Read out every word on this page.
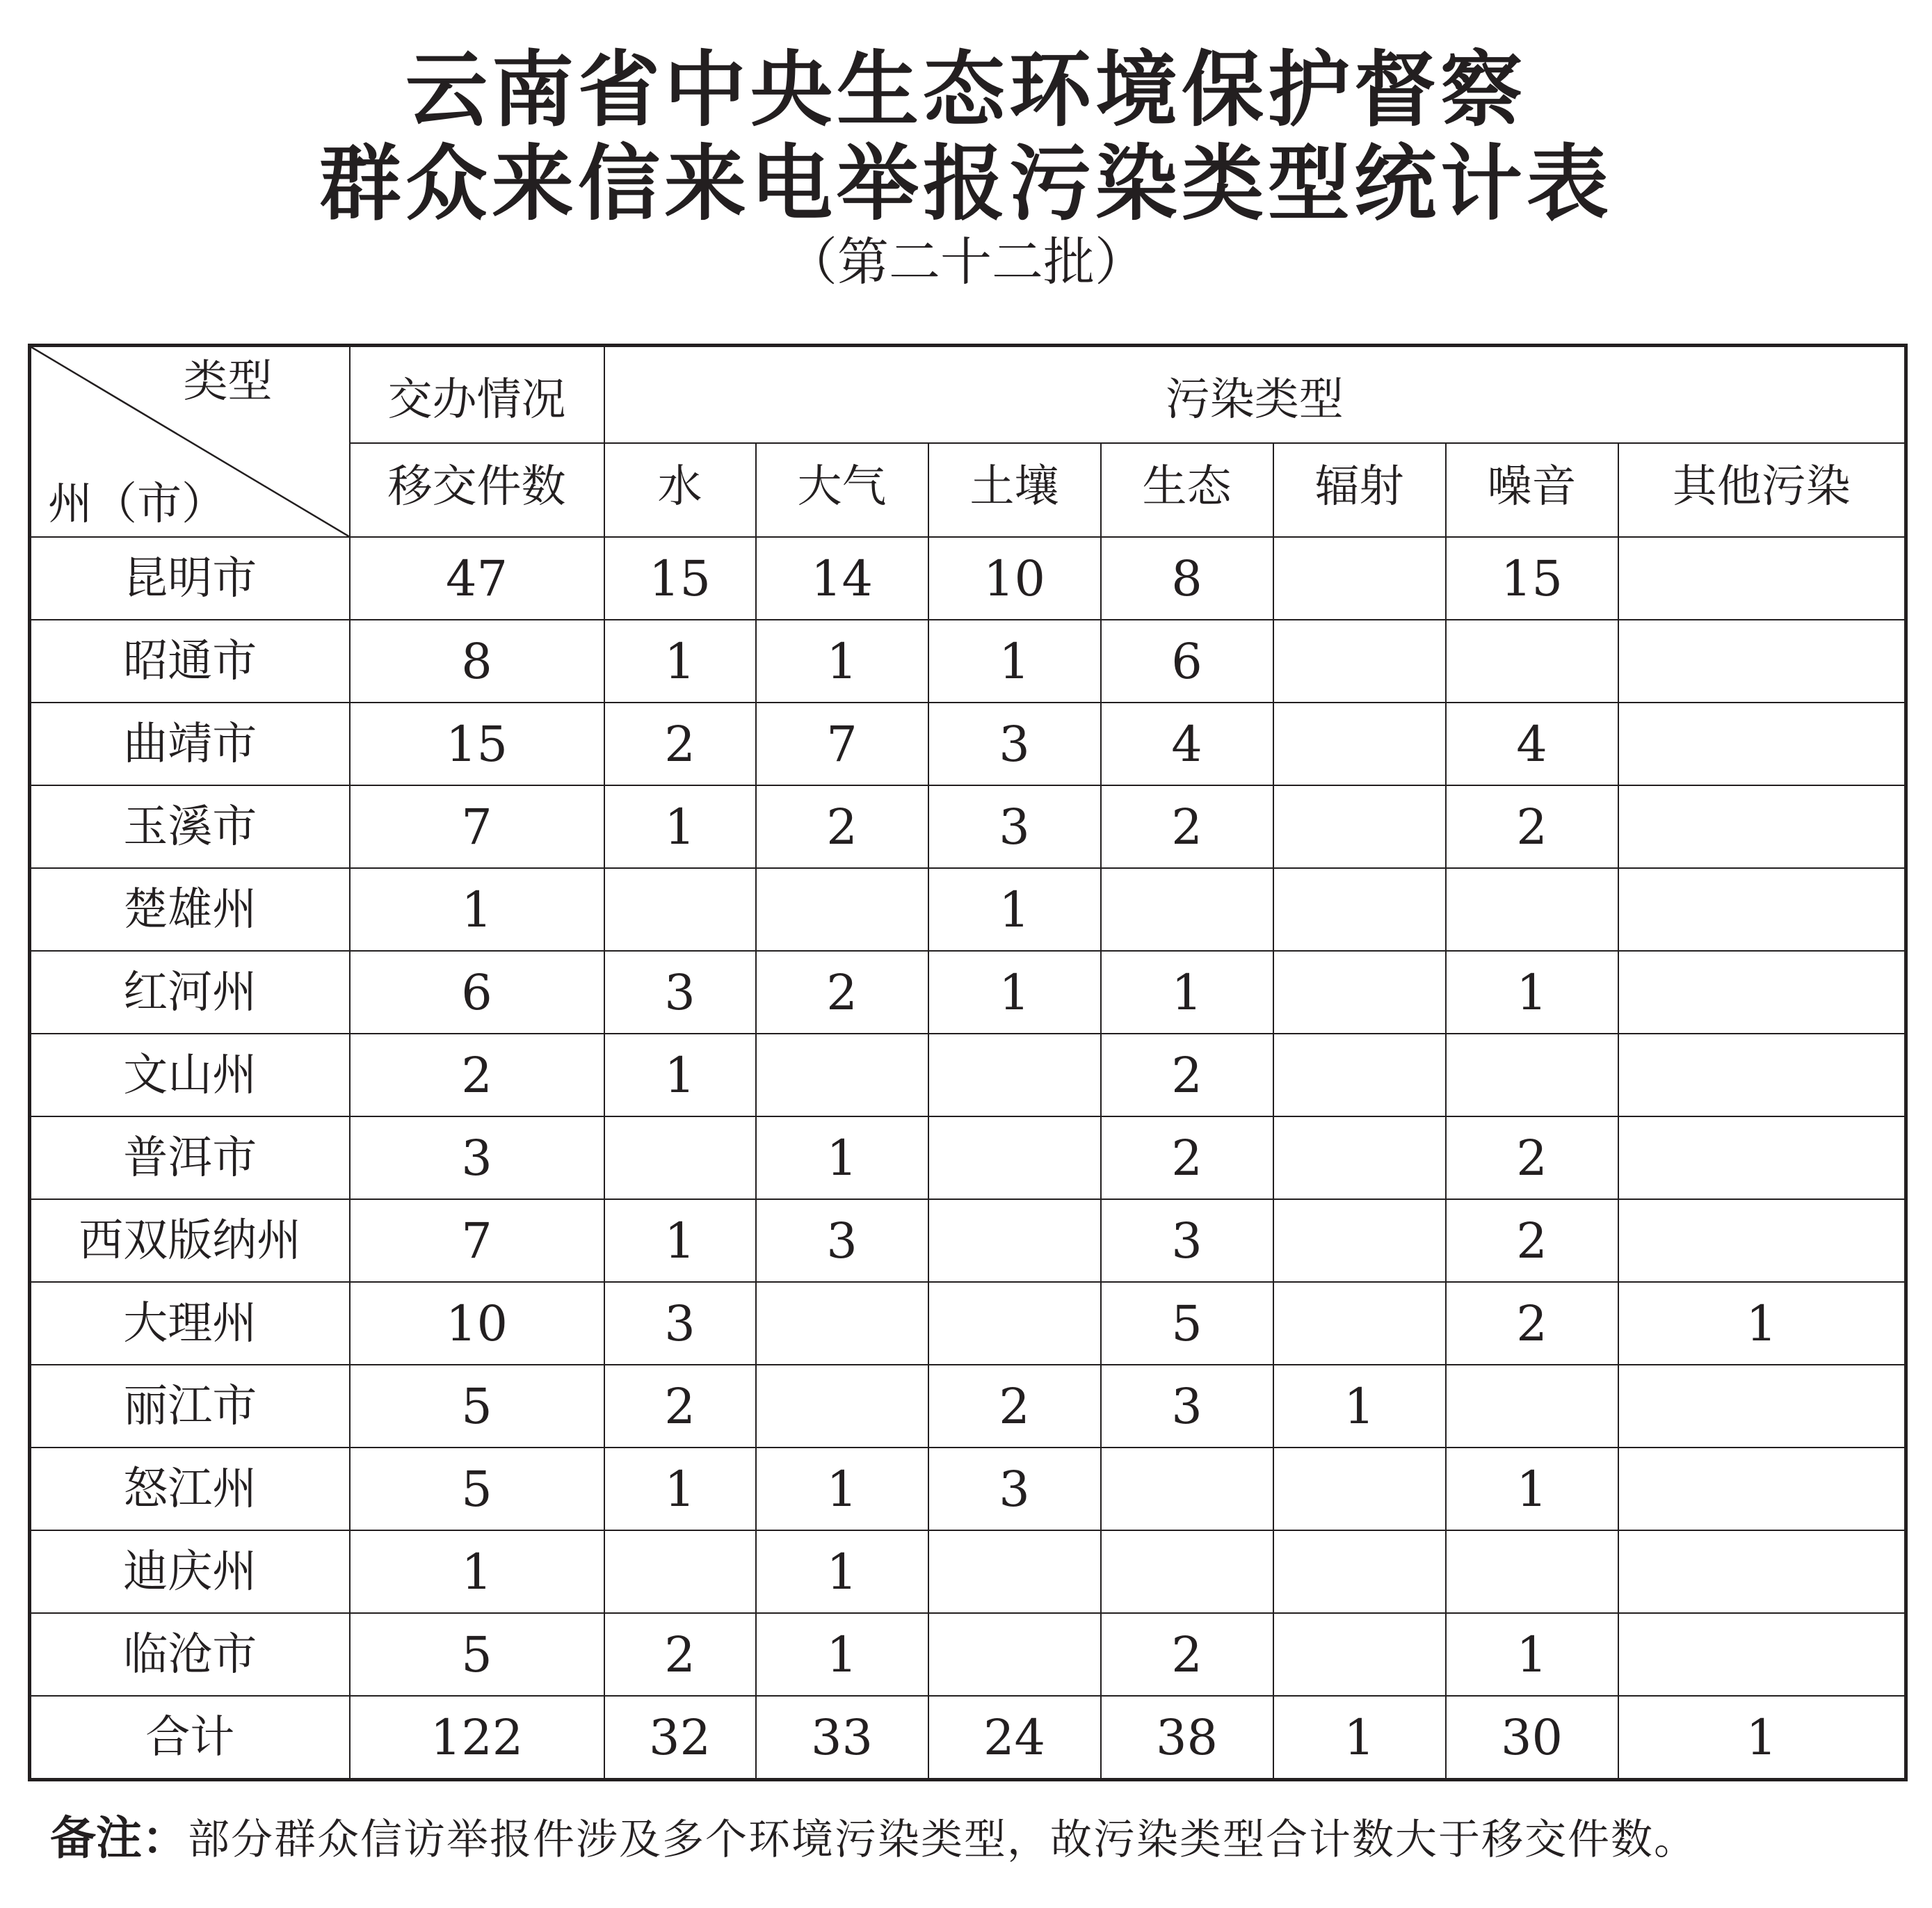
云南省中央生态环境保护督察
群众来信来电举报污染类型统计表
（第二十二批）
类型
州（市）	交办情况	污染类型						
	移交件数	水	大气	土壤	生态	辐射	噪音	其他污染
昆明市	47	15	14	10	8		15	
昭通市	8	1	1	1	6			
曲靖市	15	2	7	3	4		4	
玉溪市	7	1	2	3	2		2	
楚雄州	1			1				
红河州	6	3	2	1	1		1	
文山州	2	1			2			
普洱市	3		1		2		2	
西双版纳州	7	1	3		3		2	
大理州	10	3			5		2	1
丽江市	5	2		2	3	1		
怒江州	5	1	1	3			1	
迪庆州	1		1					
临沧市	5	2	1		2		1	
合计	122	32	33	24	38	1	30	1
备注：部分群众信访举报件涉及多个环境污染类型，故污染类型合计数大于移交件数。
